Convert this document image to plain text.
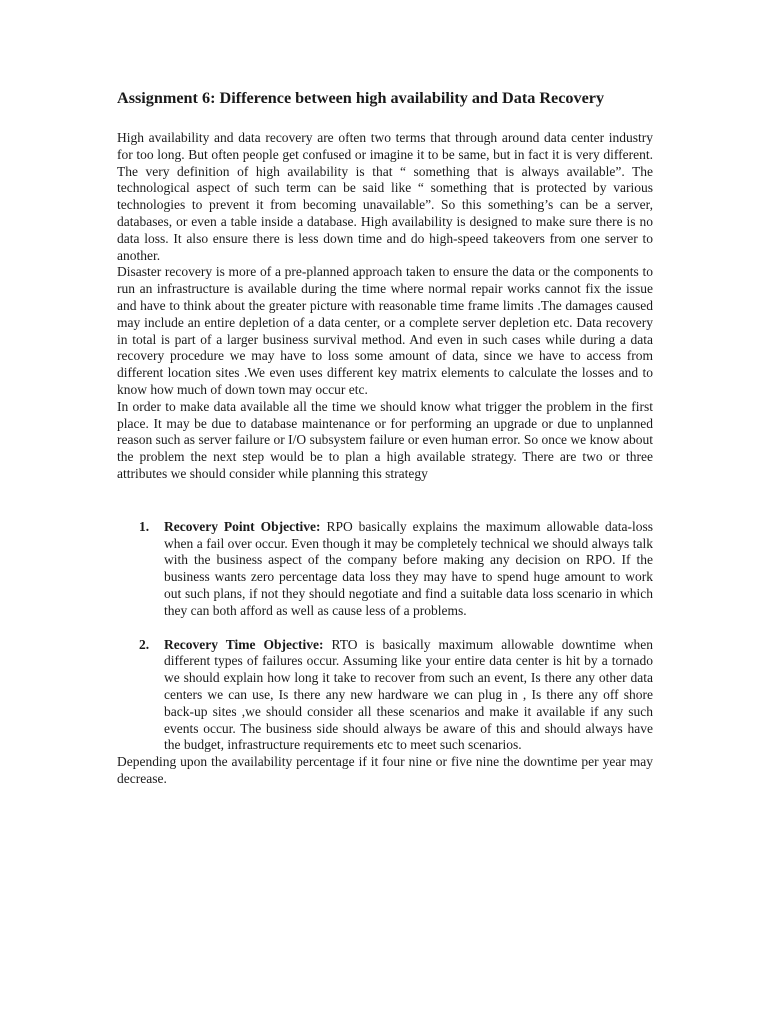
Assignment 6: Difference between high availability and Data Recovery

High availability and data recovery are often two terms that through around data center industry for too long. But often people get confused or imagine it to be same, but in fact it is very different. The very definition of high availability is that “ something that is always available”. The technological aspect of such term can be said like “ something that is protected by various technologies to prevent it from becoming unavailable”. So this something’s can be a server, databases, or even a table inside a database. High availability is designed to make sure there is no data loss. It also ensure there is less down time and do high-speed takeovers from one server to another.

Disaster recovery is more of a pre-planned approach taken to ensure the data or the components to run an infrastructure is available during the time where normal repair works cannot fix the issue and have to think about the greater picture with reasonable time frame limits .The damages caused may include an entire depletion of a data center, or a complete server depletion etc. Data recovery in total is part of a larger business survival method. And even in such cases while during a data recovery procedure we may have to loss some amount of data, since we have to access from different location sites .We even uses different key matrix elements to calculate the losses and to know how much of down town may occur etc.

In order to make data available all the time we should know what trigger the problem in the first place. It may be due to database maintenance or for performing an upgrade or due to unplanned reason such as server failure or I/O subsystem failure or even human error. So once we know about the problem the next step would be to plan a high available strategy. There are two or three attributes we should consider while planning this strategy

1. Recovery Point Objective: RPO basically explains the maximum allowable data-loss when a fail over occur. Even though it may be completely technical we should always talk with the business aspect of the company before making any decision on RPO. If the business wants zero percentage data loss they may have to spend huge amount to work out such plans, if not they should negotiate and find a suitable data loss scenario in which they can both afford as well as cause less of a problems.
2. Recovery Time Objective: RTO is basically maximum allowable downtime when different types of failures occur. Assuming like your entire data center is hit by a tornado we should explain how long it take to recover from such an event, Is there any other data centers we can use, Is there any new hardware we can plug in , Is there any off shore back-up sites ,we should consider all these scenarios and make it available if any such events occur. The business side should always be aware of this and should always have the budget, infrastructure requirements etc to meet such scenarios.

Depending upon the availability percentage if it four nine or five nine the downtime per year may decrease.
